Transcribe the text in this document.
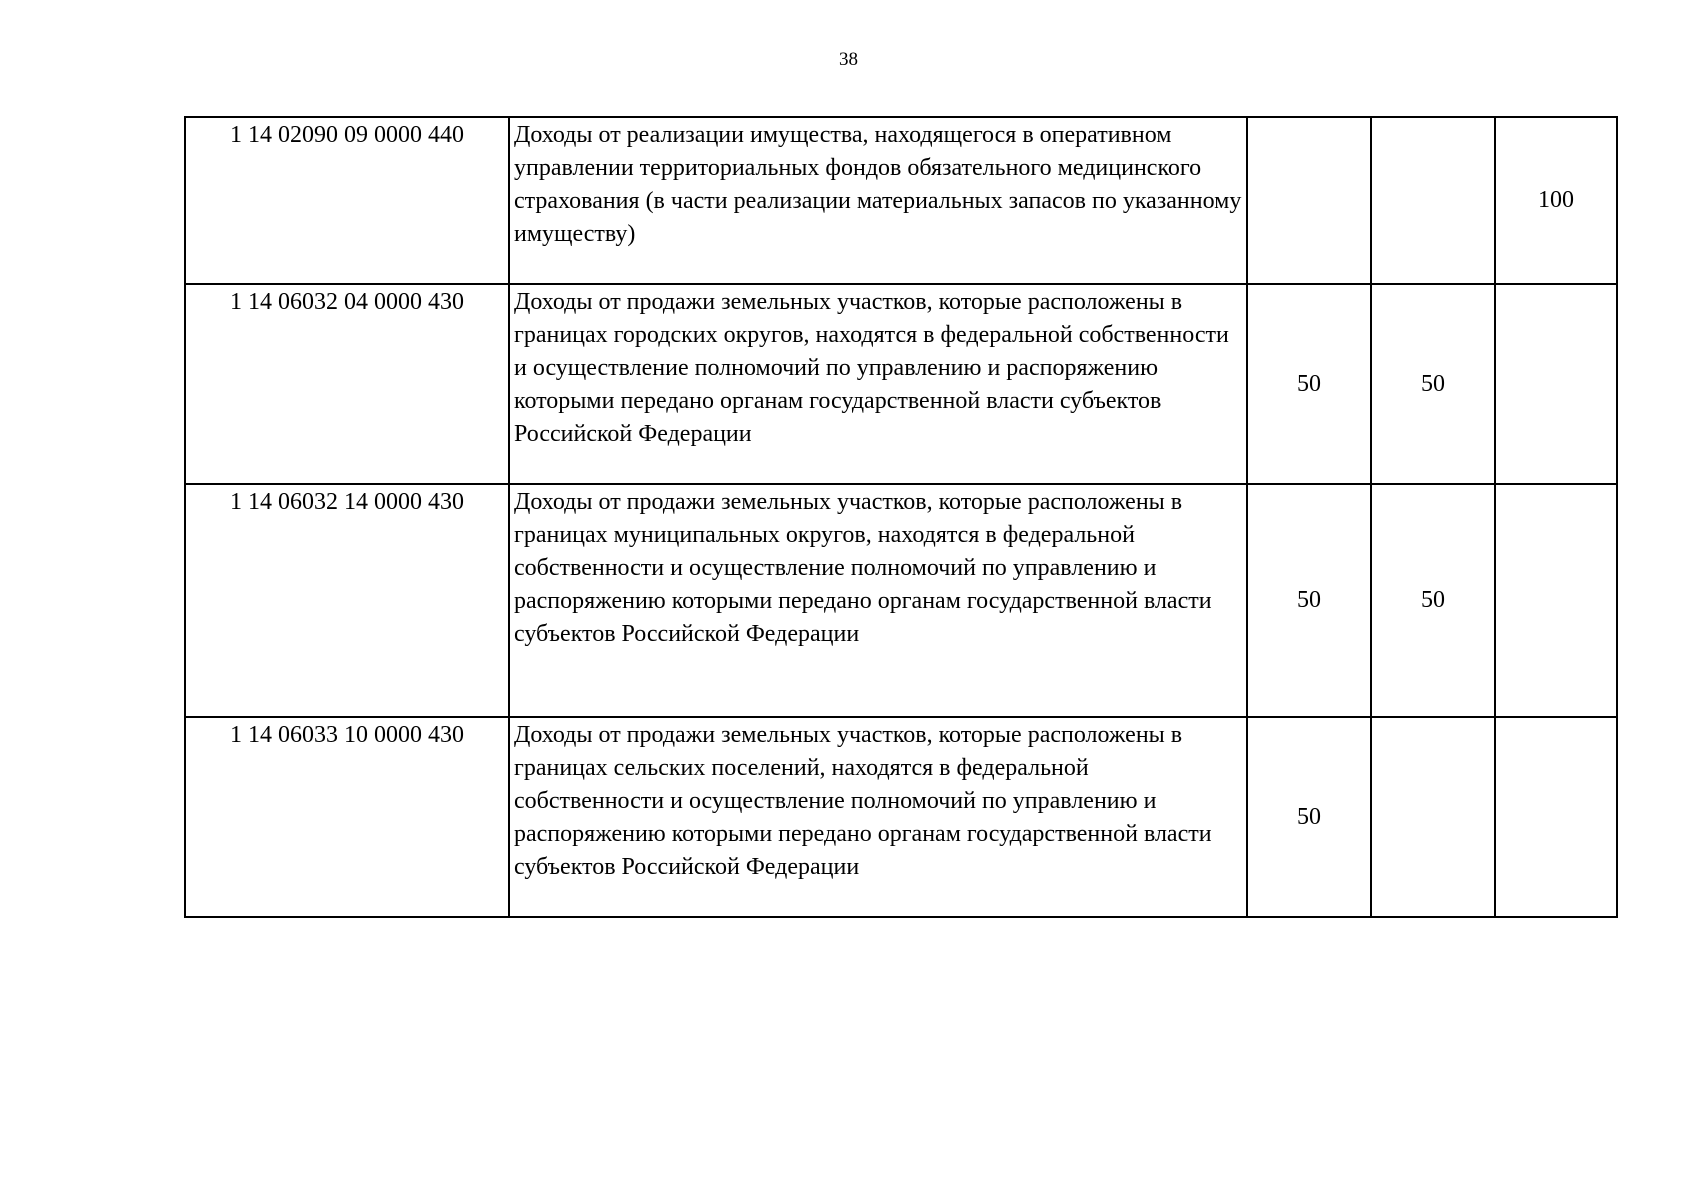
38
1 14 02090 09 0000 440	Доходы от реализации имущества, находящегося в оперативном управлении территориальных фондов обязательного медицинского страхования (в части реализации материальных запасов по указанному имуществу)			100
1 14 06032 04 0000 430	Доходы от продажи земельных участков, которые расположены в границах городских округов, находятся в федеральной собственности и осуществление полномочий по управлению и распоряжению которыми передано органам государственной власти субъектов Российской Федерации	50	50	
1 14 06032 14 0000 430	Доходы от продажи земельных участков, которые расположены в границах муниципальных округов, находятся в федеральной собственности и осуществление полномочий по управлению и распоряжению которыми передано органам государственной власти субъектов Российской Федерации	50	50	
1 14 06033 10 0000 430	Доходы от продажи земельных участков, которые расположены в границах сельских поселений, находятся в федеральной собственности и осуществление полномочий по управлению и распоряжению которыми передано органам государственной власти субъектов Российской Федерации	50		
